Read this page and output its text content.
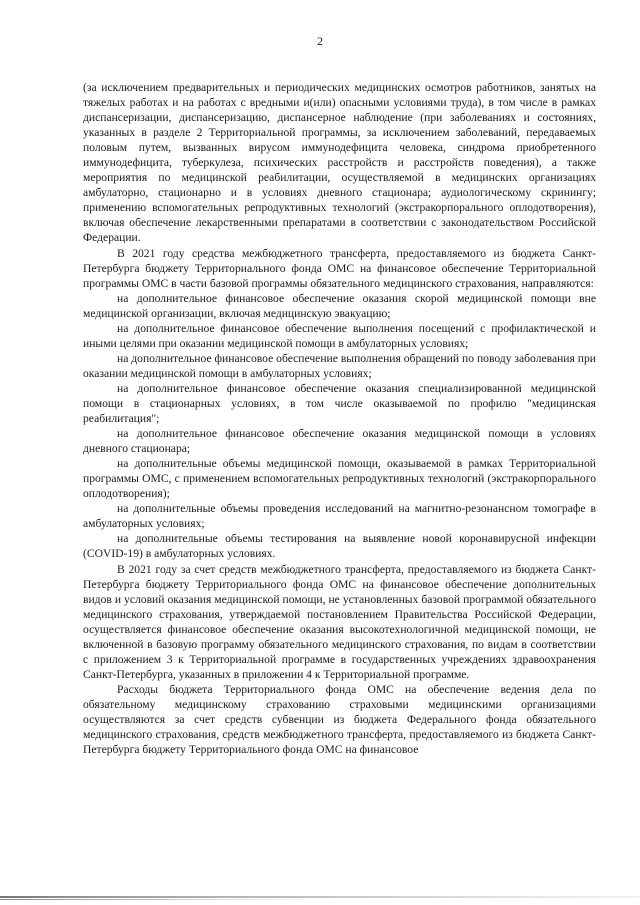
2

(за исключением предварительных и периодических медицинских осмотров работников, занятых на тяжелых работах и на работах с вредными и(или) опасными условиями труда), в том числе в рамках диспансеризации, диспансеризацию, диспансерное наблюдение (при заболеваниях и состояниях, указанных в разделе 2 Территориальной программы, за исключением заболеваний, передаваемых половым путем, вызванных вирусом иммунодефицита человека, синдрома приобретенного иммунодефицита, туберкулеза, психических расстройств и расстройств поведения), а также мероприятия по медицинской реабилитации, осуществляемой в медицинских организациях амбулаторно, стационарно и в условиях дневного стационара; аудиологическому скринингу; применению вспомогательных репродуктивных технологий (экстракорпорального оплодотворения), включая обеспечение лекарственными препаратами в соответствии с законодательством Российской Федерации.

В 2021 году средства межбюджетного трансферта, предоставляемого из бюджета Санкт-Петербурга бюджету Территориального фонда ОМС на финансовое обеспечение Территориальной программы ОМС в части базовой программы обязательного медицинского страхования, направляются:

на дополнительное финансовое обеспечение оказания скорой медицинской помощи вне медицинской организации, включая медицинскую эвакуацию;

на дополнительное финансовое обеспечение выполнения посещений с профилактической и иными целями при оказании медицинской помощи в амбулаторных условиях;

на дополнительное финансовое обеспечение выполнения обращений по поводу заболевания при оказании медицинской помощи в амбулаторных условиях;

на дополнительное финансовое обеспечение оказания специализированной медицинской помощи в стационарных условиях, в том числе оказываемой по профилю "медицинская реабилитация";

на дополнительное финансовое обеспечение оказания медицинской помощи в условиях дневного стационара;

на дополнительные объемы медицинской помощи, оказываемой в рамках Территориальной программы ОМС, с применением вспомогательных репродуктивных технологий (экстракорпорального оплодотворения);

на дополнительные объемы проведения исследований на магнитно-резонансном томографе в амбулаторных условиях;

на дополнительные объемы тестирования на выявление новой коронавирусной инфекции (COVID-19) в амбулаторных условиях.

В 2021 году за счет средств межбюджетного трансферта, предоставляемого из бюджета Санкт-Петербурга бюджету Территориального фонда ОМС на финансовое обеспечение дополнительных видов и условий оказания медицинской помощи, не установленных базовой программой обязательного медицинского страхования, утверждаемой постановлением Правительства Российской Федерации, осуществляется финансовое обеспечение оказания высокотехнологичной медицинской помощи, не включенной в базовую программу обязательного медицинского страхования, по видам в соответствии с приложением 3 к Территориальной программе в государственных учреждениях здравоохранения Санкт-Петербурга, указанных в приложении 4 к Территориальной программе.

Расходы бюджета Территориального фонда ОМС на обеспечение ведения дела по обязательному медицинскому страхованию страховыми медицинскими организациями осуществляются за счет средств субвенции из бюджета Федерального фонда обязательного медицинского страхования, средств межбюджетного трансферта, предоставляемого из бюджета Санкт-Петербурга бюджету Территориального фонда ОМС на финансовое
